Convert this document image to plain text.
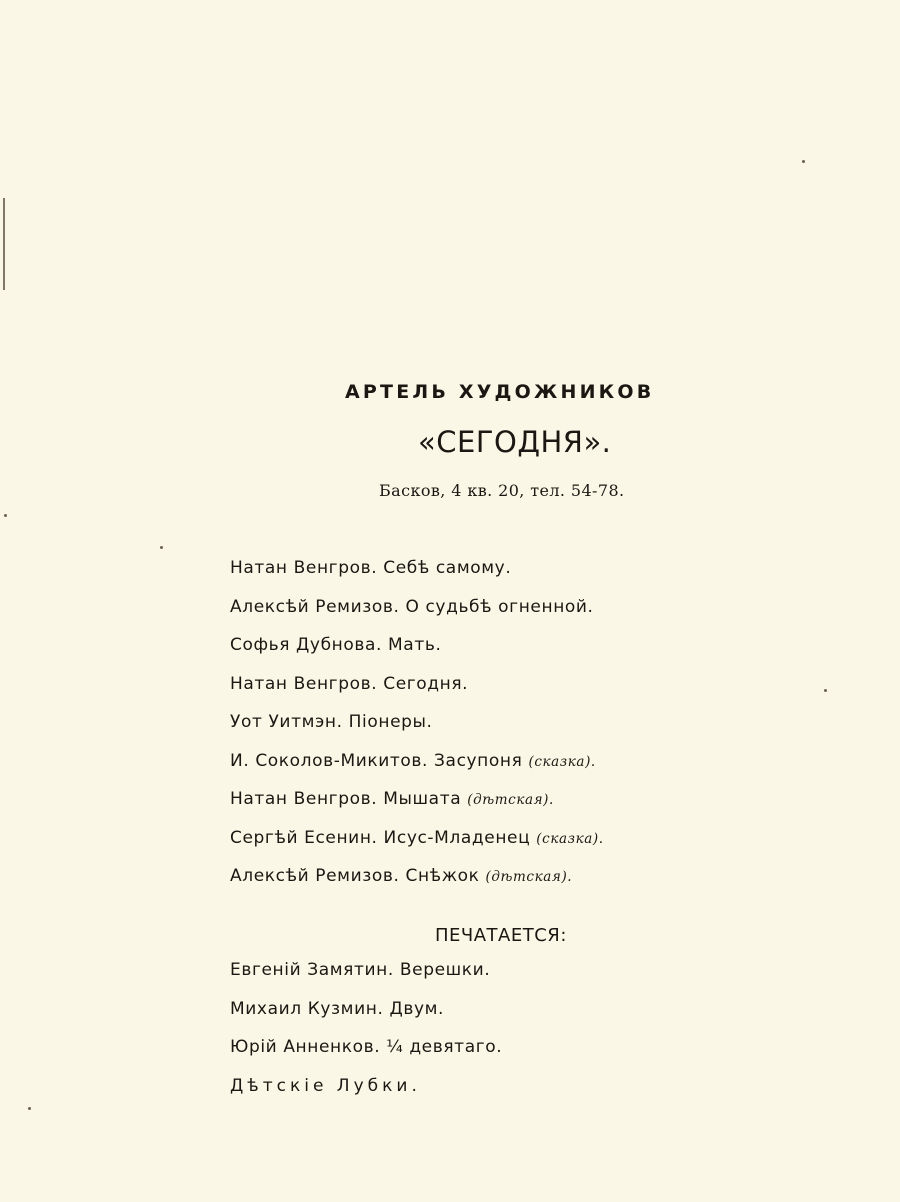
АРТЕЛЬ ХУДОЖНИКОВ
«СЕГОДНЯ».
Басков, 4 кв. 20, тел. 54-78.
Натан Венгров. Себѣ самому.
Алексѣй Ремизов. О судьбѣ огненной.
Софья Дубнова. Мать.
Натан Венгров. Сегодня.
Уот Уитмэн. Піонеры.
И. Соколов-Микитов. Засупоня (сказка).
Натан Венгров. Мышата (дѣтская).
Сергѣй Есенин. Исус-Младенец (сказка).
Алексѣй Ремизов. Снѣжок (дѣтская).
ПЕЧАТАЕТСЯ:
Евгеній Замятин. Верешки.
Михаил Кузмин. Двум.
Юрій Анненков. ¼ девятаго.
Дѣтскіе Лубки.
